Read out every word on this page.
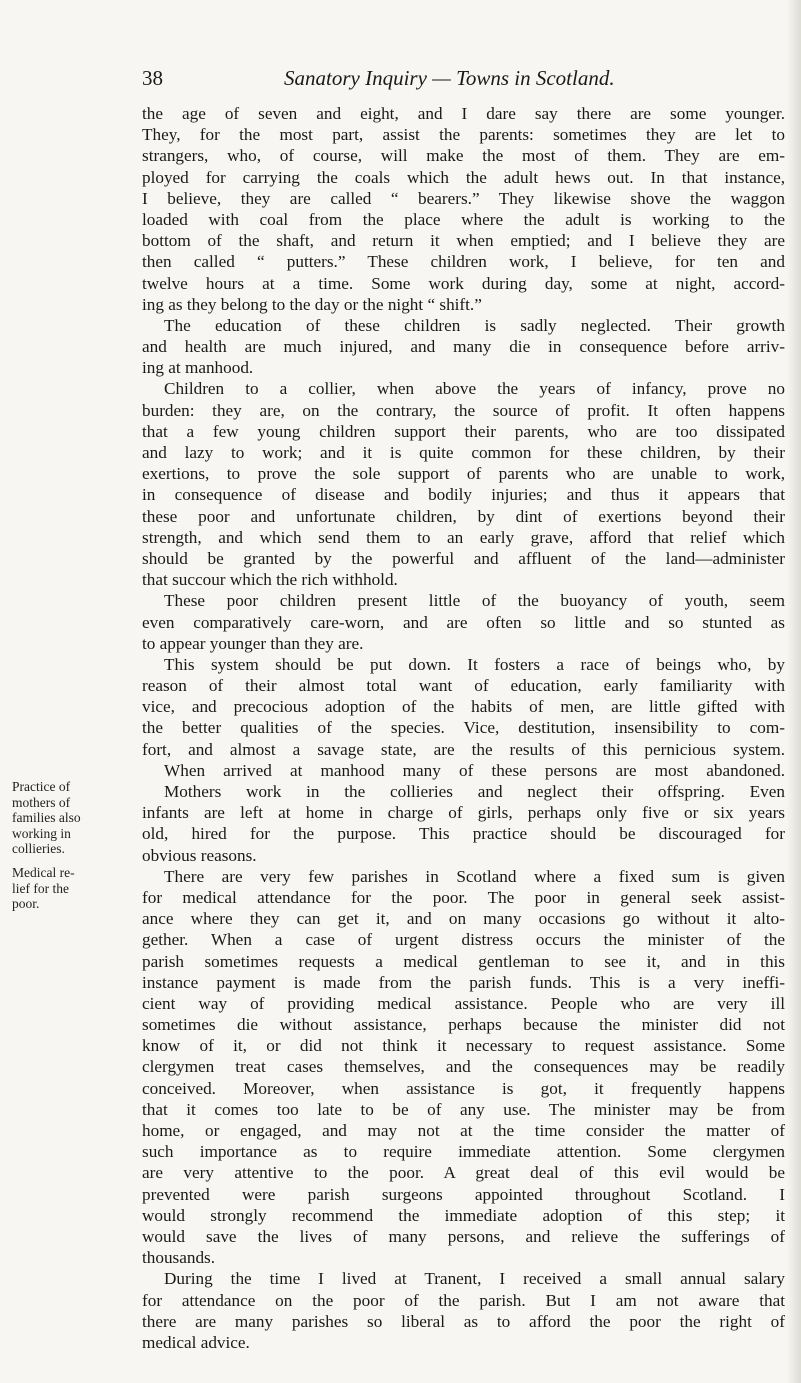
38	Sanatory Inquiry — Towns in Scotland.
Practice of
mothers of
families also
working in
collieries.
Medical re-
lief for the
poor.
the age of seven and eight, and I dare say there are some younger.
They, for the most part, assist the parents: sometimes they are let to
strangers, who, of course, will make the most of them. They are em-
ployed for carrying the coals which the adult hews out. In that instance,
I believe, they are called “ bearers.” They likewise shove the waggon
loaded with coal from the place where the adult is working to the
bottom of the shaft, and return it when emptied; and I believe they are
then called “ putters.” These children work, I believe, for ten and
twelve hours at a time. Some work during day, some at night, accord-
ing as they belong to the day or the night “ shift.”
The education of these children is sadly neglected. Their growth
and health are much injured, and many die in consequence before arriv-
ing at manhood.
Children to a collier, when above the years of infancy, prove no
burden: they are, on the contrary, the source of profit. It often happens
that a few young children support their parents, who are too dissipated
and lazy to work; and it is quite common for these children, by their
exertions, to prove the sole support of parents who are unable to work,
in consequence of disease and bodily injuries; and thus it appears that
these poor and unfortunate children, by dint of exertions beyond their
strength, and which send them to an early grave, afford that relief which
should be granted by the powerful and affluent of the land—administer
that succour which the rich withhold.
These poor children present little of the buoyancy of youth, seem
even comparatively care-worn, and are often so little and so stunted as
to appear younger than they are.
This system should be put down. It fosters a race of beings who, by
reason of their almost total want of education, early familiarity with
vice, and precocious adoption of the habits of men, are little gifted with
the better qualities of the species. Vice, destitution, insensibility to com-
fort, and almost a savage state, are the results of this pernicious system.
When arrived at manhood many of these persons are most abandoned.
Mothers work in the collieries and neglect their offspring. Even
infants are left at home in charge of girls, perhaps only five or six years
old, hired for the purpose. This practice should be discouraged for
obvious reasons.
There are very few parishes in Scotland where a fixed sum is given
for medical attendance for the poor. The poor in general seek assist-
ance where they can get it, and on many occasions go without it alto-
gether. When a case of urgent distress occurs the minister of the
parish sometimes requests a medical gentleman to see it, and in this
instance payment is made from the parish funds. This is a very ineffi-
cient way of providing medical assistance. People who are very ill
sometimes die without assistance, perhaps because the minister did not
know of it, or did not think it necessary to request assistance. Some
clergymen treat cases themselves, and the consequences may be readily
conceived. Moreover, when assistance is got, it frequently happens
that it comes too late to be of any use. The minister may be from
home, or engaged, and may not at the time consider the matter of
such importance as to require immediate attention. Some clergymen
are very attentive to the poor. A great deal of this evil would be
prevented were parish surgeons appointed throughout Scotland. I
would strongly recommend the immediate adoption of this step; it
would save the lives of many persons, and relieve the sufferings of
thousands.
During the time I lived at Tranent, I received a small annual salary
for attendance on the poor of the parish. But I am not aware that
there are many parishes so liberal as to afford the poor the right of
medical advice.
